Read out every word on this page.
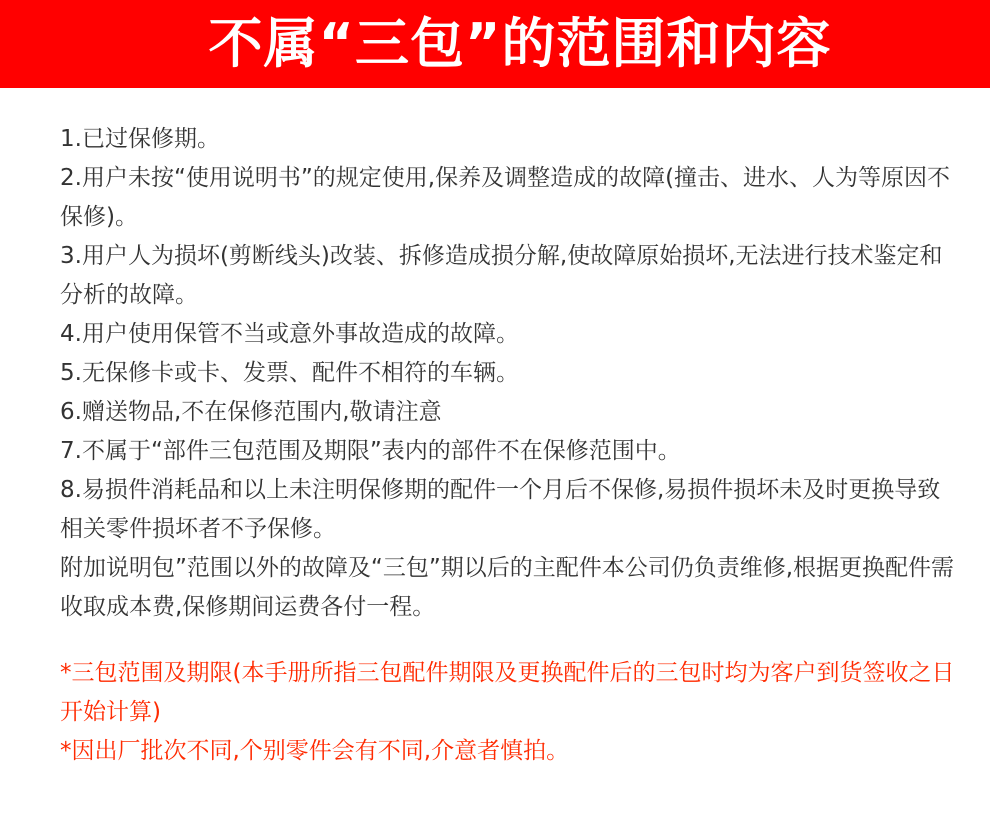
不属“三包”的范围和内容

1.已过保修期。

2.用户未按“使用说明书”的规定使用,保养及调整造成的故障(撞击、进水、人为等原因不保修)。

3.用户人为损坏(剪断线头)改装、拆修造成损分解,使故障原始损坏,无法进行技术鉴定和分析的故障。

4.用户使用保管不当或意外事故造成的故障。

5.无保修卡或卡、发票、配件不相符的车辆。

6.赠送物品,不在保修范围内,敬请注意

7.不属于“部件三包范围及期限”表内的部件不在保修范围中。

8.易损件消耗品和以上未注明保修期的配件一个月后不保修,易损件损坏未及时更换导致相关零件损坏者不予保修。

附加说明包”范围以外的故障及“三包”期以后的主配件本公司仍负责维修,根据更换配件需收取成本费,保修期间运费各付一程。

*三包范围及期限(本手册所指三包配件期限及更换配件后的三包时均为客户到货签收之日开始计算)

*因出厂批次不同,个别零件会有不同,介意者慎拍。
